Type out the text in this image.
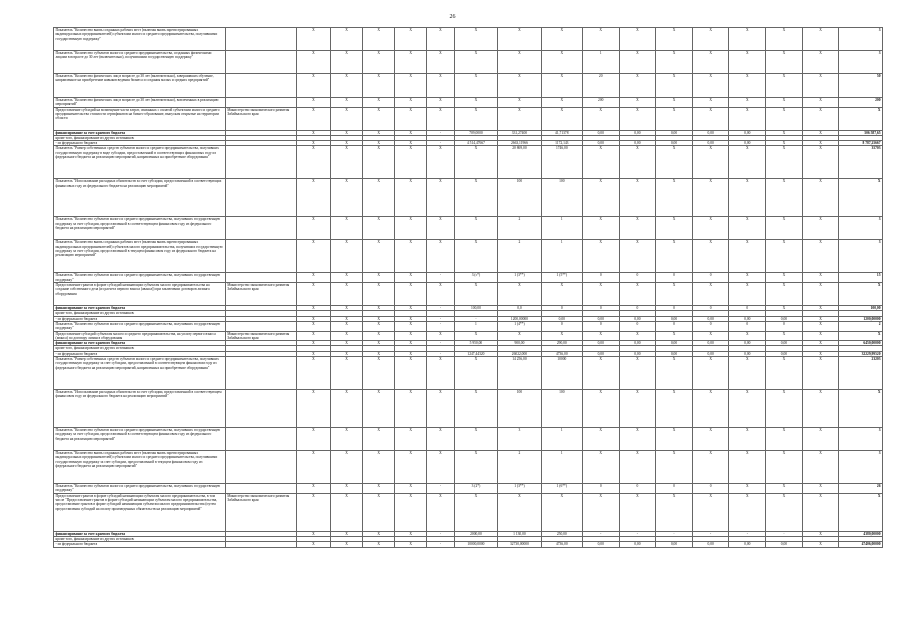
26
Показатель "Количество вновь созданных рабочих мест (включая вновь зарегистрированных индивидуальных предпринимателей) субъектами малого и среднего предпринимательства, получившими государственную поддержку"		X	X	X	X	X	X	X	X	X	X	X	X	X	X	X	3
Показатель "Количество субъектов малого и среднего предпринимательства, созданных физическими лицами в возрасте до 30 лет (включительно), получившими государственную поддержку"		X	X	X	X	X	X	X	X	1	X	X	X	X	X	X	3
Показатель "Количество физических лиц в возрасте до 30 лет (включительно), завершивших обучение, направленное на приобретение навыков ведения бизнеса и создания малых и средних предприятий"		X	X	X	X	X	X	X	X	20	X	X	X	X	X	X	50
Показатель "Количество физических лиц в возрасте до 30 лет (включительно), вовлеченных в реализацию мероприятий"		X	X	X	X	X	X	X	X	200	X	X	X	X	X	X	200
Предоставление субсидий на возмещение части затрат, связанных с оплатой субъектами малого и среднего предпринимательства стоимости сертификатов на бизнес-образование, выпускам открытые на территории области	Министерство экономического развития Забайкальского края	X	X	X	X	X	X	X	X	X	X	X	X	X	X	X	X
финансирование за счет краевого бюджета		X	X	X	X	-	709,0000	331,27400	41,71378	0,00	0,00	0,00	0,00	0,00	X	X	506 587,65
кроме того, финансирование из других источников:																	
- из федерального бюджета		X	X	X	X	-	4 514,47667	2663,11966	1172,143	0,00	0,00	0,00	0,00	0,00	X	X	8 787,25667
Показатель "Размер собственных средств субъектов малого и среднего предпринимательства, получивших государственную поддержку в виде субсидии, предоставленной в соответствующих финансовых году из федерального бюджета на реализацию мероприятий, направленных на приобретение оборудования"		X	X	X	X	X	X	20 869,00	1746,00	X	X	X	X	X	X	X	35703
Показатель "Использование расходных обязательств за счет субсидии, предоставленной в соответствующих финансовых году из федерального бюджета на реализацию мероприятий"		X	X	X	X	X	X	100	100	X	X	X	X	X	X	X	X
Показатель "Количество субъектов малого и среднего предпринимательства, получивших государственную поддержку за счет субсидии, предоставленной в соответствующем финансовом году из федерального бюджета на реализацию мероприятий"		X	X	X	X	X	X	2	1	X	X	X	X	X	X	X	3
Показатель "Количество вновь созданных рабочих мест (включая вновь зарегистрированных индивидуальных предпринимателей) субъектов малого предпринимательства, получивших государственную поддержку за счет субсидии, предоставленной в текущем финансовом году из федерального бюджета на реализацию мероприятий"		X	X	X	X	X	X	2	1	X	X	X	X	X	X	X	3
Показатель "Количество субъектов малого и среднего предпринимательства, получивших государственную поддержку"		X	X	X	X	-	3 (с*)	1 (3**)	1 (5**)	0	0	0	0	X	X	X	15
Предоставление грантов в форме субсидий начинающим субъектам малого предпринимательства на создание собственного дела (из расчета первого взноса (аванса)) при заключении договоров лизинга оборудования	Министерство экономического развития Забайкальского края	X	X	X	X	X	X	X	X	X	X	X	X	X	X	X	X
финансирование за счет краевого бюджета		X	X	X	X	-	100,00	0,0	0	0	0	0	0	0	X	X	100,00
кроме того, финансирование из других источников:																	
- из федерального бюджета		X	X	X	X	-	-	1200,00000	0,00	0,00	0,00	0,00	0,00	0,00	0,00	X	1200,00000
Показатель "Количество субъектов малого и среднего предпринимательства, получивших государственную поддержку"		X	X	X	X	-	1	1 (4**)	0	0	0	0	0	0	0	X	2
Предоставление субсидий субъектам малого и среднего предпринимательства, на уплату первого взноса (аванса) по договору лизинга оборудования	Министерство экономического развития Забайкальского края	X	X	X	X	X	X	X	X	X	X	X	X	X	X	X	X
финансирование за счет краевого бюджета		X	X	X	X	-	5 950,00	900,00	290,00	0,00	0,00	0,00	0,00	0,00	0,00	X	6450,00000
кроме того, финансирование из других источников:																	
- из федерального бюджета		X	X	X	X	-	1247,44320	26022,000	4736,00	0,00	0,00	0,00	0,00	0,00	0,00	X	32229,99520
Показатель "Размер собственных средств субъектов малого и среднего предпринимательства, получивших государственную поддержку за счет субсидии, предоставленной в соответствующем финансовом году из федерального бюджета на реализацию мероприятий, направленных на приобретение оборудования"		X	X	X	X	X	X	14 256,00	10000	X	X	X	X	X	X	X	23203
Показатель "Использование расходных обязательств за счет субсидии, предоставленной в соответствующем финансовом году из федерального бюджета на реализацию мероприятий"		X	X	X	X	X	X	100	100	X	X	X	X	X	X	X	X
Показатель "Количество субъектов малого и среднего предпринимательства, получивших государственную поддержку за счет субсидии, предоставленной в соответствующем финансовом году из федерального бюджета на реализацию мероприятий"		X	X	X	X	X	X	3	1	X	X	X	X	X	X	X	3
Показатель "Количество вновь созданных рабочих мест (включая вновь зарегистрированных индивидуальных предпринимателей) субъектами малого и среднего предпринимательства, получившими государственную поддержку за счет субсидии, предоставленной в текущем финансовом году из федерального бюджета на реализацию мероприятий"		X	X	X	X	X	X	2	1	X	X	X	X	X	X	X	3
Показатель "Количество субъектов малого и среднего предпринимательства, получивших государственную поддержку"		X	X	X	X	-	3 (2*)	1 (3**)	1 (6**)	0	0	0	0	X	X	X	26
Предоставление грантов в форме субсидий начинающим субъектам малого предпринимательства, в том числе "Предоставление грантов в форме субсидий начинающим субъектам малого предпринимательства, предоставление грантов в форме субсидий начинающим субъектам малого предпринимательства (путем предоставления субсидий на оплату произведенных обязательств на реализацию мероприятий"	Министерство экономического развития Забайкальского края	X	X	X	X	X	X	X	X	X	X	X	X	X	X	X	X
финансирование за счет краевого бюджета		X	X	X	X	-	2000,00	1 130,00	250,00	-	-	-	-	-	-	X	4380,00000
кроме того, финансирование из других источников:																	
- из федерального бюджета		X	X	X	X	-	10000,0000	32730,00000	4736,00	0,00	0,00	0,00	0,00	0,00	0,00	X	47406,00000
